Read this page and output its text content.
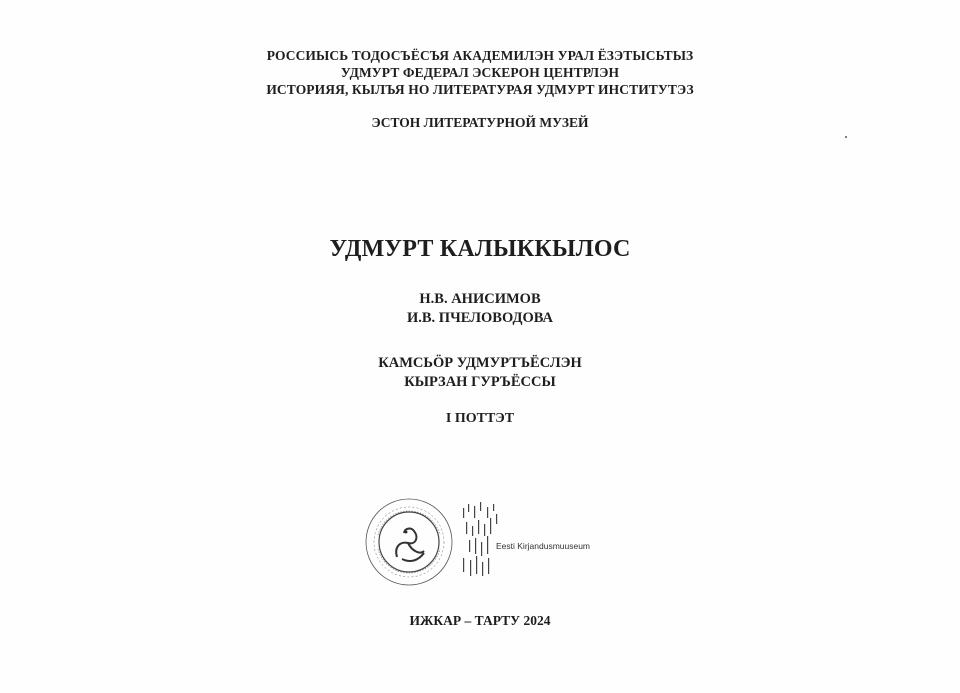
РОССИЫСЬ ТОДОСЪЁСЪЯ АКАДЕМИЛЭН УРАЛ ЁЗЭТЫСЬТЫЗ
УДМУРТ ФЕДЕРАЛ ЭСКЕРОН ЦЕНТРЛЭН
ИСТОРИЯЯ, КЫЛЪЯ НО ЛИТЕРАТУРАЯ УДМУРТ ИНСТИТУТЭЗ
ЭСТОН ЛИТЕРАТУРНОЙ МУЗЕЙ
УДМУРТ КАЛЫККЫЛОС
Н.В. АНИСИМОВ
И.В. ПЧЕЛОВОДОВА
КАМСЬÖР УДМУРТЪЁСЛЭН
КЫРЗАН ГУРЪЁССЫ
I ПОТТЭТ
Eesti Kirjandusmuuseum
ИЖКАР – ТАРТУ 2024
